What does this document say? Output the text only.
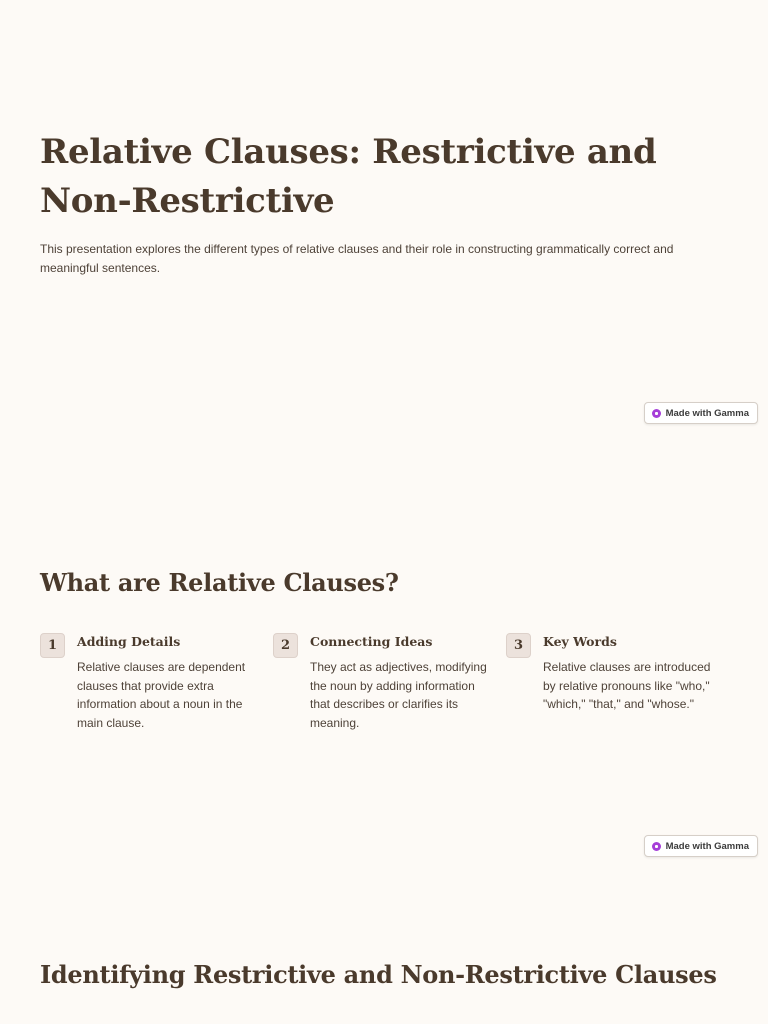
Relative Clauses: Restrictive and Non-Restrictive

This presentation explores the different types of relative clauses and their role in constructing grammatically correct and meaningful sentences.

Made with Gamma
What are Relative Clauses?
1	Adding Details

Relative clauses are dependent clauses that provide extra information about a noun in the main clause.

2	Connecting Ideas

They act as adjectives, modifying the noun by adding information that describes or clarifies its meaning.

3	Key Words

Relative clauses are introduced by relative pronouns like "who," "which," "that," and "whose."

Made with Gamma
Identifying Restrictive and Non-Restrictive Clauses
